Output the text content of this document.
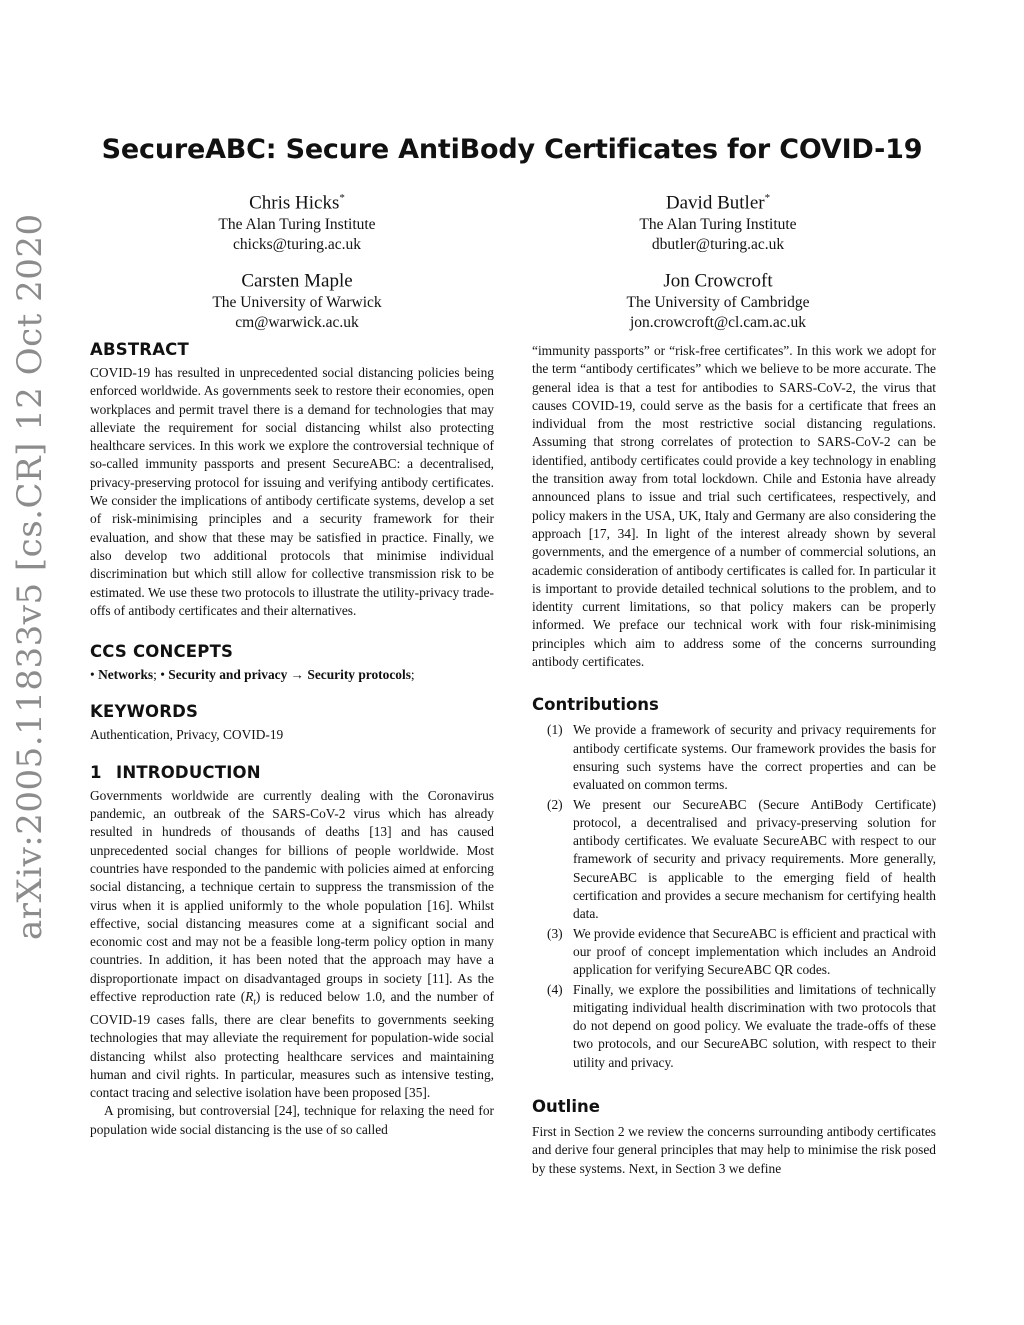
arXiv:2005.11833v5 [cs.CR] 12 Oct 2020
SecureABC: Secure AntiBody Certificates for COVID-19
Chris Hicks*
The Alan Turing Institute
chicks@turing.ac.uk
David Butler*
The Alan Turing Institute
dbutler@turing.ac.uk
Carsten Maple
The University of Warwick
cm@warwick.ac.uk
Jon Crowcroft
The University of Cambridge
jon.crowcroft@cl.cam.ac.uk
ABSTRACT

COVID-19 has resulted in unprecedented social distancing policies being enforced worldwide. As governments seek to restore their economies, open workplaces and permit travel there is a demand for technologies that may alleviate the requirement for social distancing whilst also protecting healthcare services. In this work we explore the controversial technique of so-called immunity passports and present SecureABC: a decentralised, privacy-preserving protocol for issuing and verifying antibody certificates. We consider the implications of antibody certificate systems, develop a set of risk-minimising principles and a security framework for their evaluation, and show that these may be satisfied in practice. Finally, we also develop two additional protocols that minimise individual discrimination but which still allow for collective transmission risk to be estimated. We use these two protocols to illustrate the utility-privacy trade-offs of antibody certificates and their alternatives.

CCS CONCEPTS
• Networks; • Security and privacy → Security protocols;
KEYWORDS
Authentication, Privacy, COVID-19
1 INTRODUCTION

Governments worldwide are currently dealing with the Coronavirus pandemic, an outbreak of the SARS-CoV-2 virus which has already resulted in hundreds of thousands of deaths [13] and has caused unprecedented social changes for billions of people worldwide. Most countries have responded to the pandemic with policies aimed at enforcing social distancing, a technique certain to suppress the transmission of the virus when it is applied uniformly to the whole population [16]. Whilst effective, social distancing measures come at a significant social and economic cost and may not be a feasible long-term policy option in many countries. In addition, it has been noted that the approach may have a disproportionate impact on disadvantaged groups in society [11]. As the effective reproduction rate $(R_t)$ is reduced below 1.0, and the number of COVID-19 cases falls, there are clear benefits to governments seeking technologies that may alleviate the requirement for population-wide social distancing whilst also protecting healthcare services and maintaining human and civil rights. In particular, measures such as intensive testing, contact tracing and selective isolation have been proposed [35].

A promising, but controversial [24], technique for relaxing the need for population wide social distancing is the use of so called

“immunity passports” or “risk-free certificates”. In this work we adopt for the term “antibody certificates” which we believe to be more accurate. The general idea is that a test for antibodies to SARS-CoV-2, the virus that causes COVID-19, could serve as the basis for a certificate that frees an individual from the most restrictive social distancing regulations. Assuming that strong correlates of protection to SARS-CoV-2 can be identified, antibody certificates could provide a key technology in enabling the transition away from total lockdown. Chile and Estonia have already announced plans to issue and trial such certificatees, respectively, and policy makers in the USA, UK, Italy and Germany are also considering the approach [17, 34]. In light of the interest already shown by several governments, and the emergence of a number of commercial solutions, an academic consideration of antibody certificates is called for. In particular it is important to provide detailed technical solutions to the problem, and to identity current limitations, so that policy makers can be properly informed. We preface our technical work with four risk-minimising principles which aim to address some of the concerns surrounding antibody certificates.

Contributions
(1) We provide a framework of security and privacy requirements for antibody certificate systems. Our framework provides the basis for ensuring such systems have the correct properties and can be evaluated on common terms.
(2) We present our SecureABC (Secure AntiBody Certificate) protocol, a decentralised and privacy-preserving solution for antibody certificates. We evaluate SecureABC with respect to our framework of security and privacy requirements. More generally, SecureABC is applicable to the emerging field of health certification and provides a secure mechanism for certifying health data.
(3) We provide evidence that SecureABC is efficient and practical with our proof of concept implementation which includes an Android application for verifying SecureABC QR codes.
(4) Finally, we explore the possibilities and limitations of technically mitigating individual health discrimination with two protocols that do not depend on good policy. We evaluate the trade-offs of these two protocols, and our SecureABC solution, with respect to their utility and privacy.
Outline

First in Section 2 we review the concerns surrounding antibody certificates and derive four general principles that may help to minimise the risk posed by these systems. Next, in Section 3 we define
